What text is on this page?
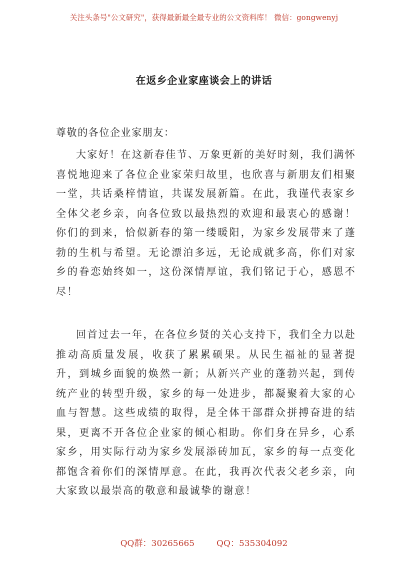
关注头条号"公文研究"，获得最新最全最专业的公文资料库！ 微信：gongwenyj
在返乡企业家座谈会上的讲话
尊敬的各位企业家朋友：
大家好！在这新春佳节、万象更新的美好时刻，我们满怀喜悦地迎来了各位企业家荣归故里，也欣喜与新朋友们相聚一堂，共话桑梓情谊，共谋发展新篇。在此，我谨代表家乡全体父老乡亲，向各位致以最热烈的欢迎和最衷心的感谢！你们的到来，恰似新春的第一缕暖阳，为家乡发展带来了蓬勃的生机与希望。无论漂泊多远，无论成就多高，你们对家乡的眷恋始终如一，这份深情厚谊，我们铭记于心，感恩不尽！
回首过去一年，在各位乡贤的关心支持下，我们全力以赴推动高质量发展，收获了累累硕果。从民生福祉的显著提升，到城乡面貌的焕然一新；从新兴产业的蓬勃兴起，到传统产业的转型升级，家乡的每一处进步，都凝聚着大家的心血与智慧。这些成绩的取得，是全体干部群众拼搏奋进的结果，更离不开各位企业家的倾心相助。你们身在异乡，心系家乡，用实际行动为家乡发展添砖加瓦，家乡的每一点变化都饱含着你们的深情厚意。在此，我再次代表父老乡亲，向大家致以最崇高的敬意和最诚挚的谢意！
QQ群：30265665	QQ：535304092
